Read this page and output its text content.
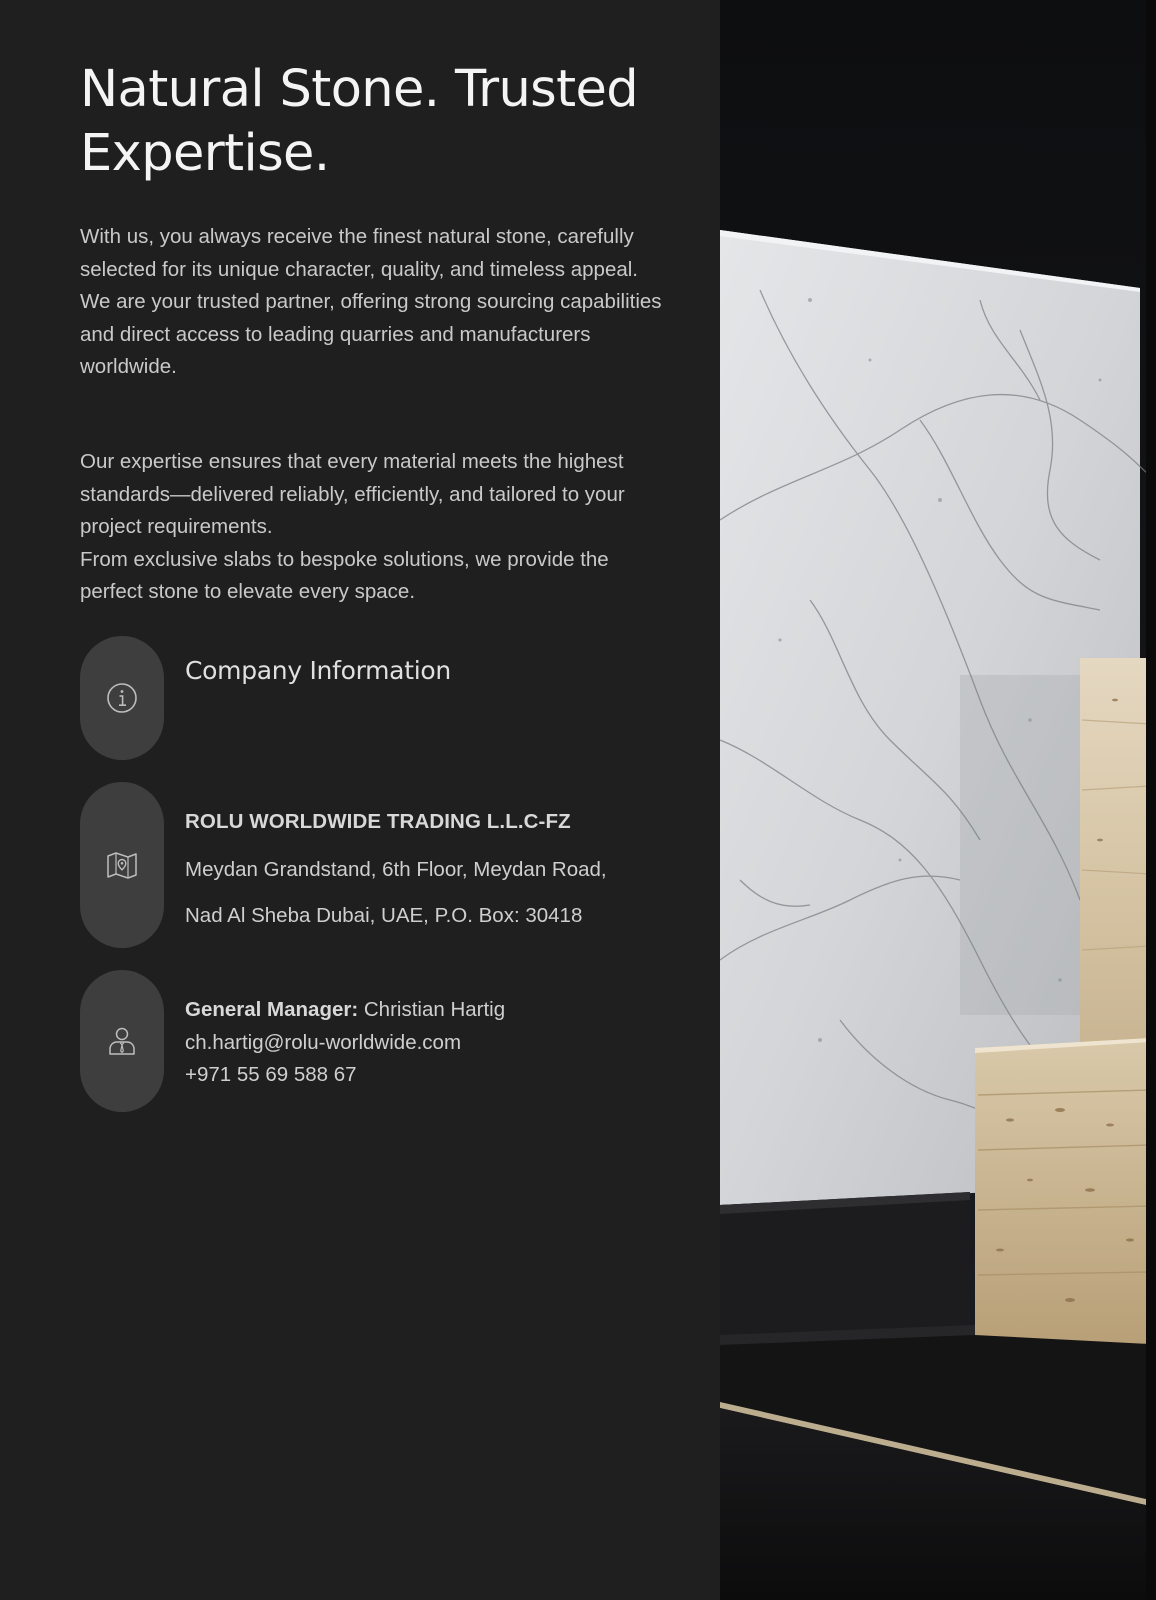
Natural Stone. Trusted Expertise.

With us, you always receive the finest natural stone, carefully selected for its unique character, quality, and timeless appeal.
We are your trusted partner, offering strong sourcing capabilities and direct access to leading quarries and manufacturers worldwide.

Our expertise ensures that every material meets the highest standards—delivered reliably, efficiently, and tailored to your project requirements.
From exclusive slabs to bespoke solutions, we provide the perfect stone to elevate every space.

Company Information
ROLU WORLDWIDE TRADING L.L.C-FZ
Meydan Grandstand, 6th Floor, Meydan Road,
Nad Al Sheba Dubai, UAE, P.O. Box: 30418
General Manager: Christian Hartig
ch.hartig@rolu-worldwide.com
+971 55 69 588 67
